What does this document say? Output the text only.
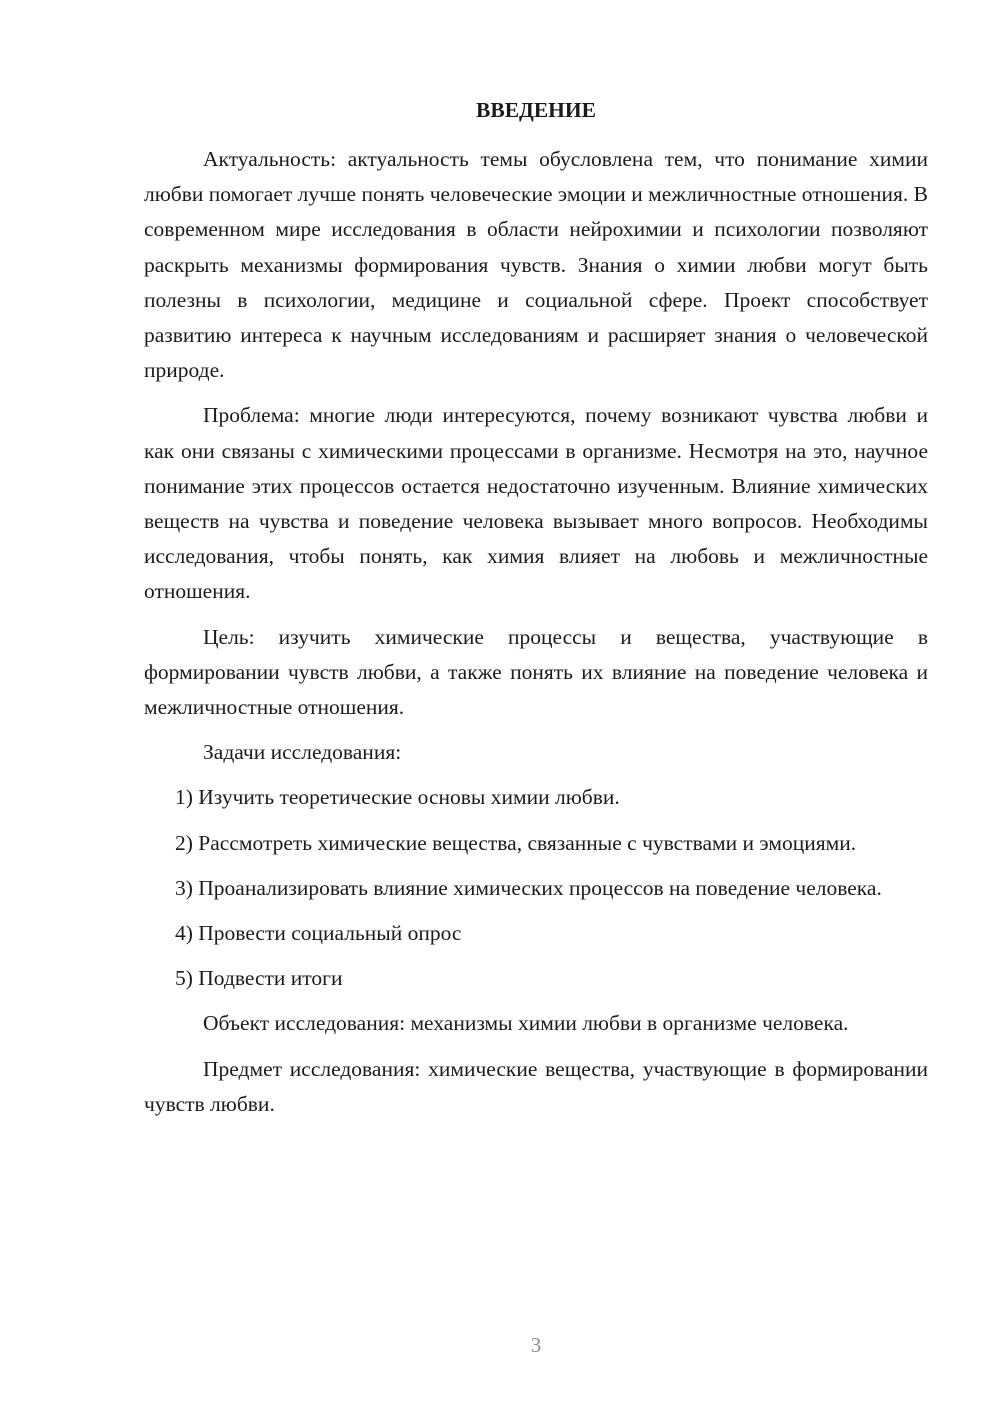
ВВЕДЕНИЕ

Актуальность: актуальность темы обусловлена тем, что понимание химии любви помогает лучше понять человеческие эмоции и межличностные отношения. В современном мире исследования в области нейрохимии и психологии позволяют раскрыть механизмы формирования чувств. Знания о химии любви могут быть полезны в психологии, медицине и социальной сфере. Проект способствует развитию интереса к научным исследованиям и расширяет знания о человеческой природе.

Проблема: многие люди интересуются, почему возникают чувства любви и как они связаны с химическими процессами в организме. Несмотря на это, научное понимание этих процессов остается недостаточно изученным. Влияние химических веществ на чувства и поведение человека вызывает много вопросов. Необходимы исследования, чтобы понять, как химия влияет на любовь и межличностные отношения.

Цель: изучить химические процессы и вещества, участвующие в формировании чувств любви, а также понять их влияние на поведение человека и межличностные отношения.

Задачи исследования:

1) Изучить теоретические основы химии любви.

2) Рассмотреть химические вещества, связанные с чувствами и эмоциями.

3) Проанализировать влияние химических процессов на поведение человека.

4) Провести социальный опрос

5) Подвести итоги

Объект исследования: механизмы химии любви в организме человека.

Предмет исследования: химические вещества, участвующие в формировании чувств любви.

3
